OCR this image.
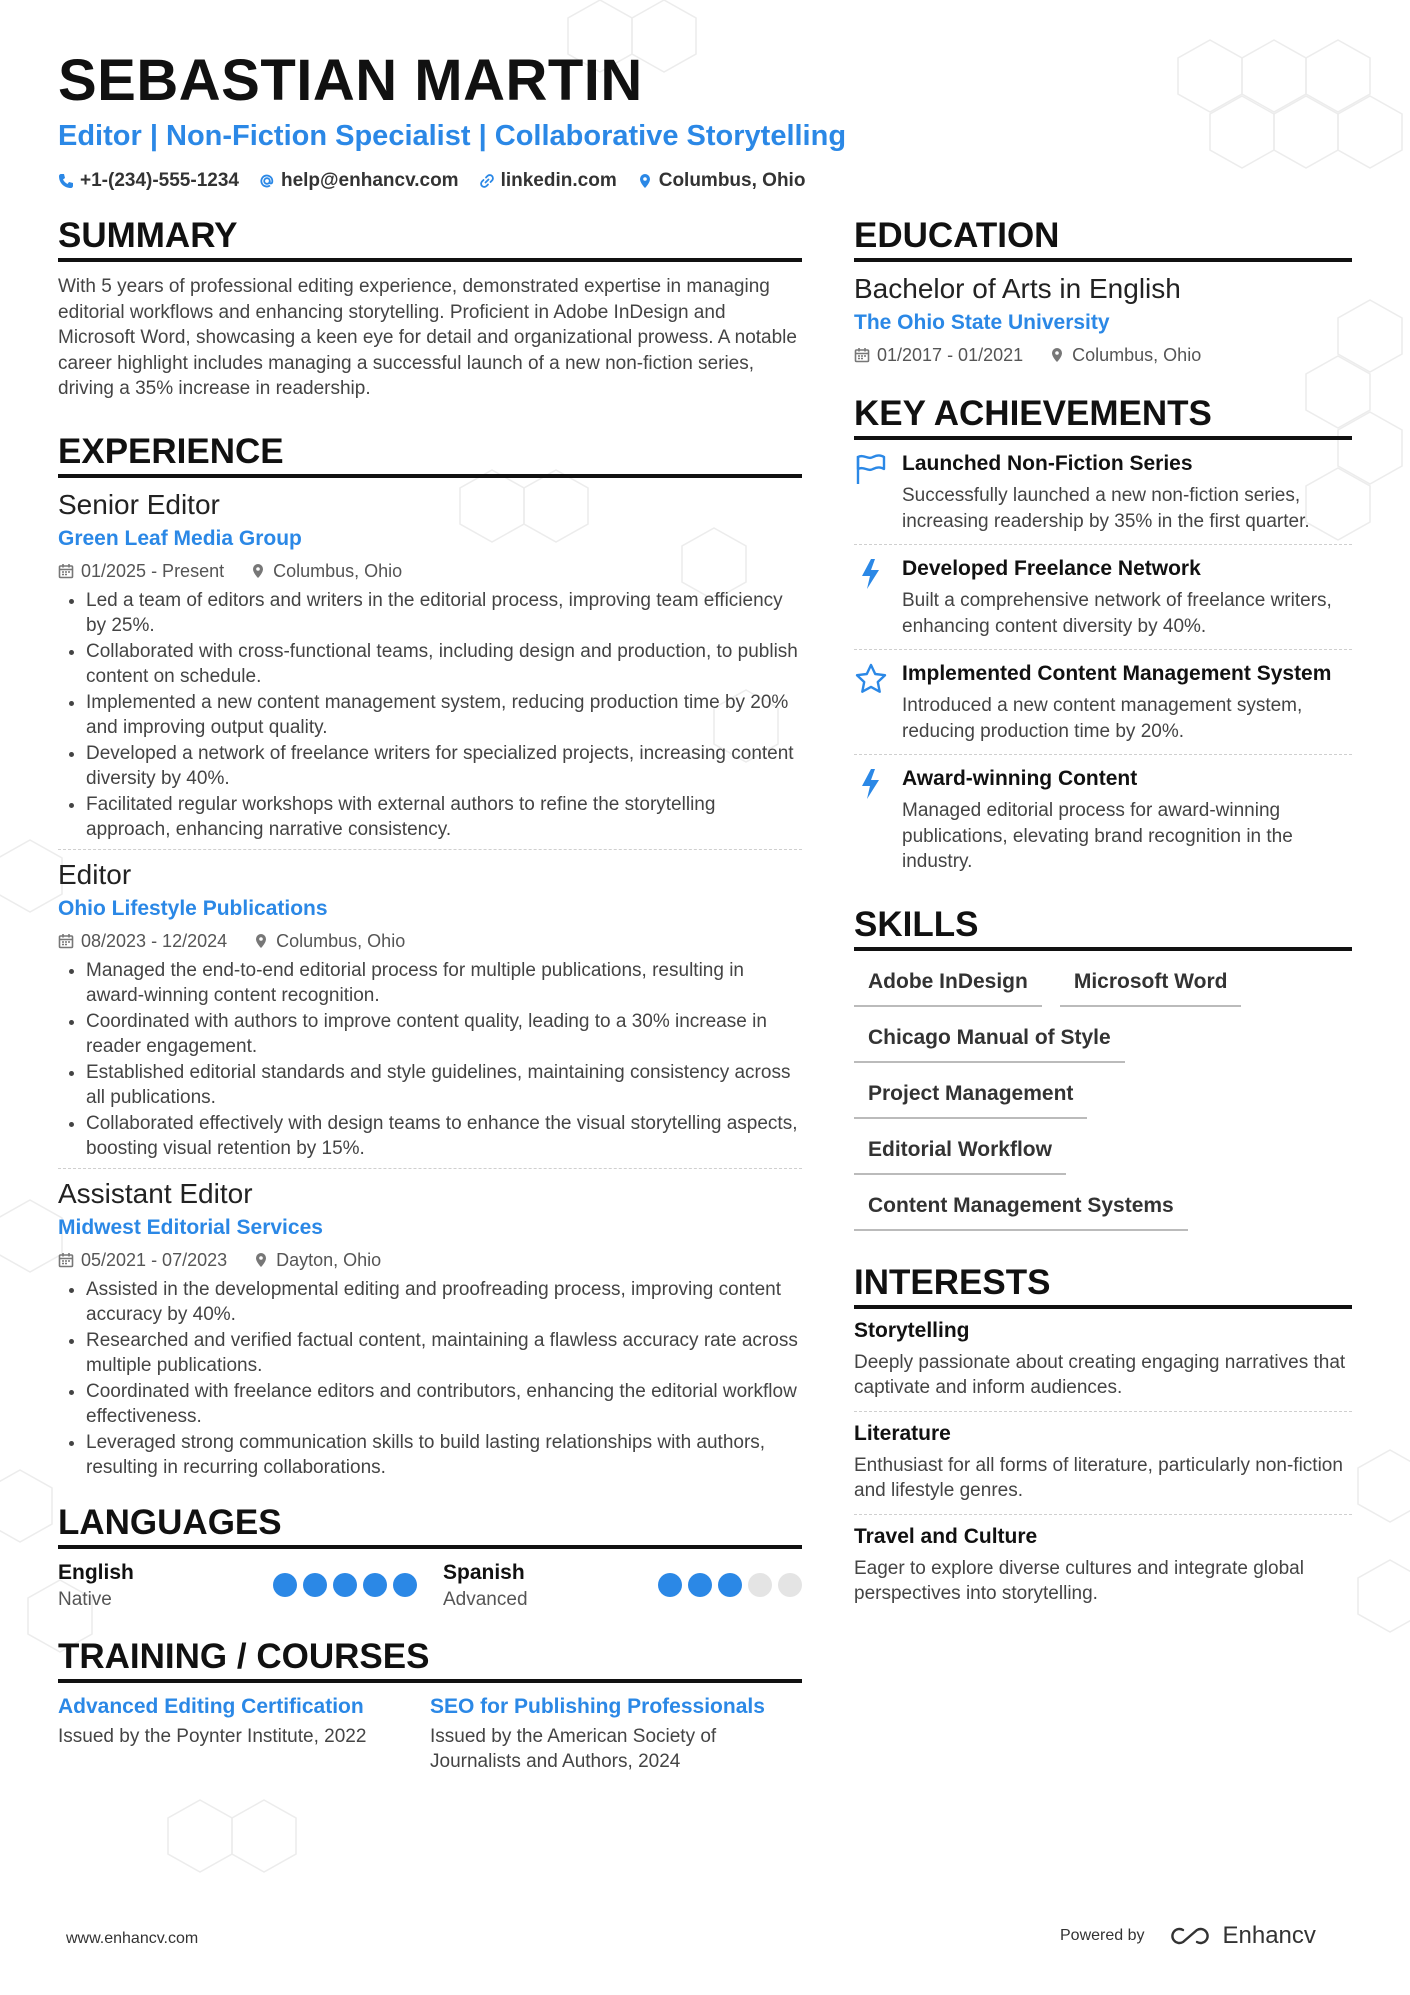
SEBASTIAN MARTIN
Editor | Non-Fiction Specialist | Collaborative Storytelling
+1-(234)-555-1234 help@enhancv.com linkedin.com Columbus, Ohio
SUMMARY

With 5 years of professional editing experience, demonstrated expertise in managing editorial workflows and enhancing storytelling. Proficient in Adobe InDesign and Microsoft Word, showcasing a keen eye for detail and organizational prowess. A notable career highlight includes managing a successful launch of a new non-fiction series, driving a 35% increase in readership.

EXPERIENCE
Senior Editor
Green Leaf Media Group
01/2025 - Present	Columbus, Ohio
• Led a team of editors and writers in the editorial process, improving team efficiency by 25%.
• Collaborated with cross-functional teams, including design and production, to publish content on schedule.
• Implemented a new content management system, reducing production time by 20% and improving output quality.
• Developed a network of freelance writers for specialized projects, increasing content diversity by 40%.
• Facilitated regular workshops with external authors to refine the storytelling approach, enhancing narrative consistency.
Editor
Ohio Lifestyle Publications
08/2023 - 12/2024	Columbus, Ohio
• Managed the end-to-end editorial process for multiple publications, resulting in award-winning content recognition.
• Coordinated with authors to improve content quality, leading to a 30% increase in reader engagement.
• Established editorial standards and style guidelines, maintaining consistency across all publications.
• Collaborated effectively with design teams to enhance the visual storytelling aspects, boosting visual retention by 15%.
Assistant Editor
Midwest Editorial Services
05/2021 - 07/2023	Dayton, Ohio
• Assisted in the developmental editing and proofreading process, improving content accuracy by 40%.
• Researched and verified factual content, maintaining a flawless accuracy rate across multiple publications.
• Coordinated with freelance editors and contributors, enhancing the editorial workflow effectiveness.
• Leveraged strong communication skills to build lasting relationships with authors, resulting in recurring collaborations.
LANGUAGES
English
Native
Spanish
Advanced
TRAINING / COURSES
Advanced Editing Certification
Issued by the Poynter Institute, 2022
SEO for Publishing Professionals
Issued by the American Society of Journalists and Authors, 2024
EDUCATION
Bachelor of Arts in English
The Ohio State University
01/2017 - 01/2021	Columbus, Ohio
KEY ACHIEVEMENTS
Launched Non-Fiction Series
Successfully launched a new non-fiction series, increasing readership by 35% in the first quarter.
Developed Freelance Network
Built a comprehensive network of freelance writers, enhancing content diversity by 40%.
Implemented Content Management System
Introduced a new content management system, reducing production time by 20%.
Award-winning Content
Managed editorial process for award-winning publications, elevating brand recognition in the industry.
SKILLS
Adobe InDesign	Microsoft Word
Chicago Manual of Style
Project Management
Editorial Workflow
Content Management Systems
INTERESTS
Storytelling
Deeply passionate about creating engaging narratives that captivate and inform audiences.
Literature
Enthusiast for all forms of literature, particularly non-fiction and lifestyle genres.
Travel and Culture
Eager to explore diverse cultures and integrate global perspectives into storytelling.
www.enhancv.com	Powered by	Enhancv
